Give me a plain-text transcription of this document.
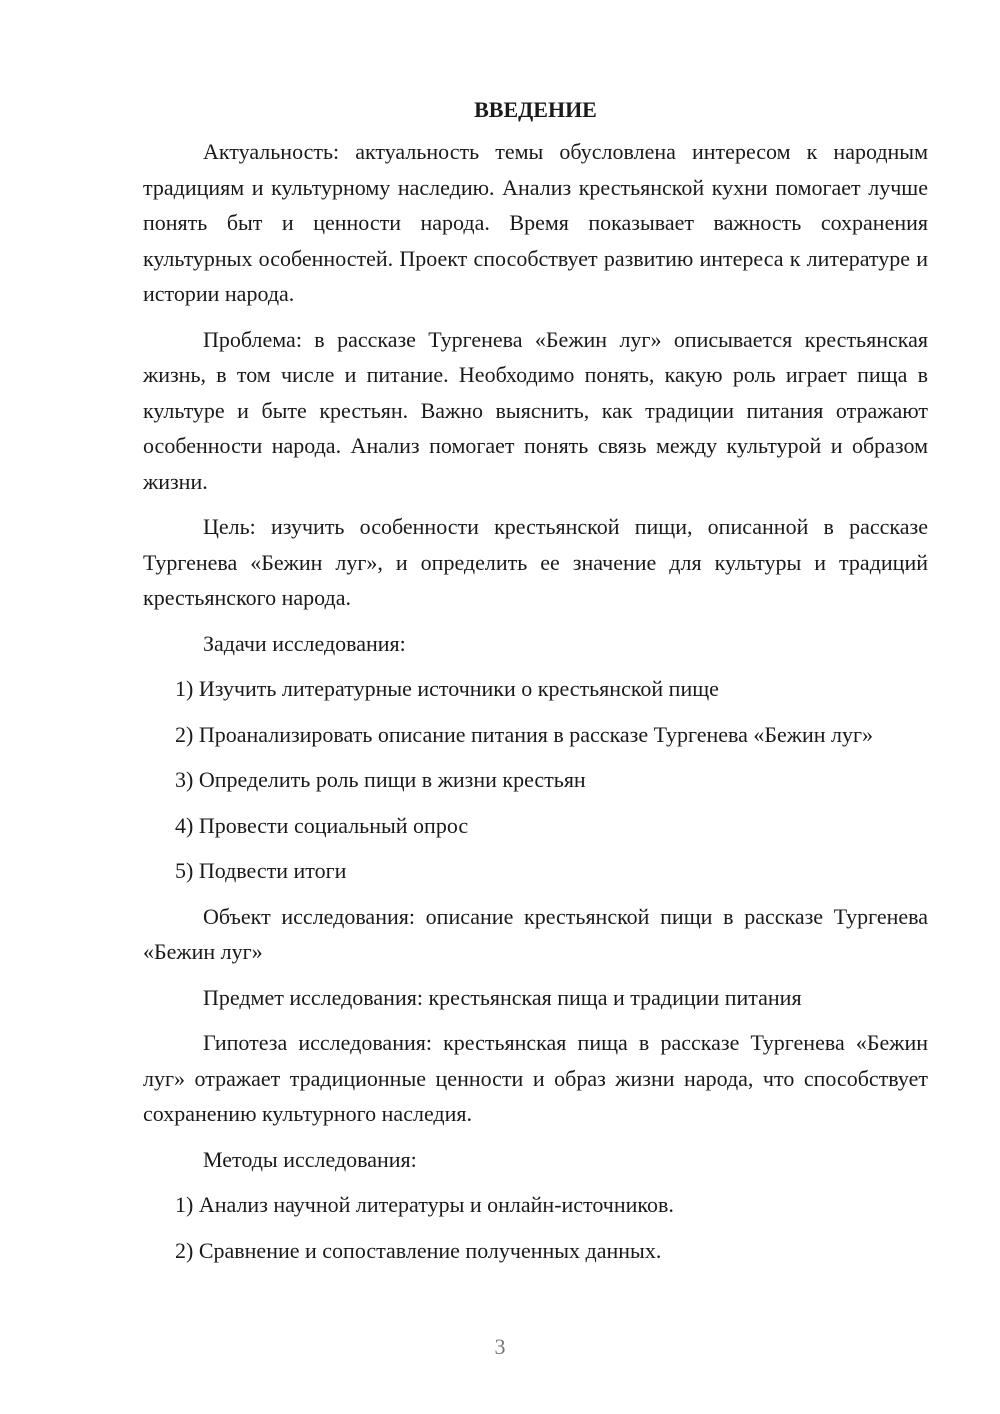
ВВЕДЕНИЕ

Актуальность: актуальность темы обусловлена интересом к народным традициям и культурному наследию. Анализ крестьянской кухни помогает лучше понять быт и ценности народа. Время показывает важность сохранения культурных особенностей. Проект способствует развитию интереса к литературе и истории народа.

Проблема: в рассказе Тургенева «Бежин луг» описывается крестьянская жизнь, в том числе и питание. Необходимо понять, какую роль играет пища в культуре и быте крестьян. Важно выяснить, как традиции питания отражают особенности народа. Анализ помогает понять связь между культурой и образом жизни.

Цель: изучить особенности крестьянской пищи, описанной в рассказе Тургенева «Бежин луг», и определить ее значение для культуры и традиций крестьянского народа.

Задачи исследования:

1) Изучить литературные источники о крестьянской пище

2) Проанализировать описание питания в рассказе Тургенева «Бежин луг»

3) Определить роль пищи в жизни крестьян

4) Провести социальный опрос

5) Подвести итоги

Объект исследования: описание крестьянской пищи в рассказе Тургенева «Бежин луг»

Предмет исследования: крестьянская пища и традиции питания

Гипотеза исследования: крестьянская пища в рассказе Тургенева «Бежин луг» отражает традиционные ценности и образ жизни народа, что способствует сохранению культурного наследия.

Методы исследования:

1) Анализ научной литературы и онлайн-источников.

2) Сравнение и сопоставление полученных данных.

3
